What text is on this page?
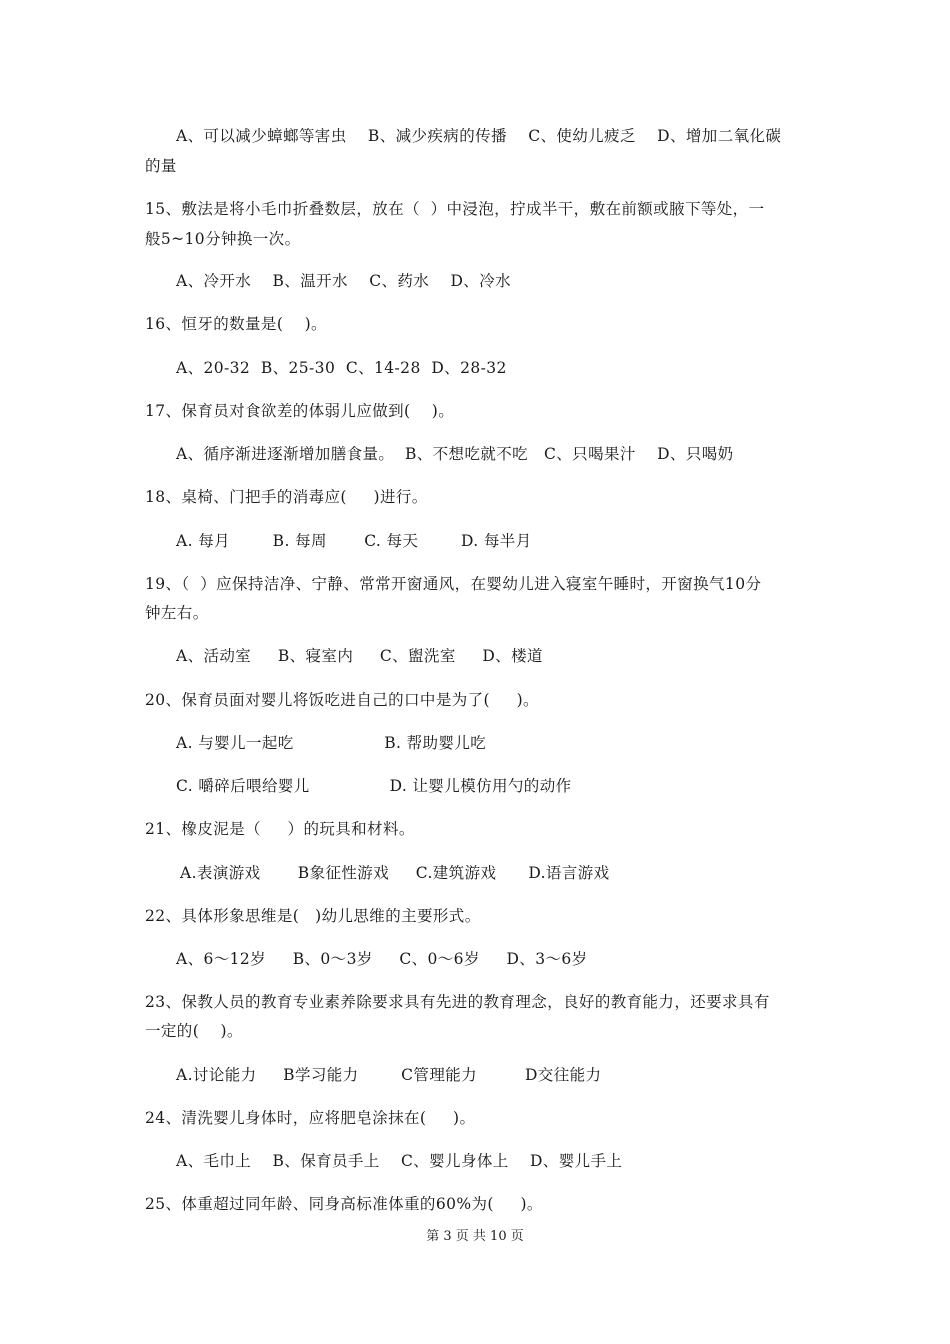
A、可以减少蟑螂等害虫    B、减少疾病的传播    C、使幼儿疲乏    D、增加二氧化碳
的量
15、敷法是将小毛巾折叠数层，放在（  ）中浸泡，拧成半干，敷在前额或腋下等处，一
般5~10分钟换一次。
A、冷开水    B、温开水    C、药水    D、冷水
16、恒牙的数量是(    )。
A、20-32  B、25-30  C、14-28  D、28-32
17、保育员对食欲差的体弱儿应做到(    )。
A、循序渐进逐渐增加膳食量。  B、不想吃就不吃   C、只喝果汁    D、只喝奶
18、桌椅、门把手的消毒应(     )进行。
A. 每月        B. 每周       C. 每天        D. 每半月
19、（  ）应保持洁净、宁静、常常开窗通风，在婴幼儿进入寝室午睡时，开窗换气10分
钟左右。
A、活动室     B、寝室内     C、盥洗室     D、楼道
20、保育员面对婴儿将饭吃进自己的口中是为了(     )。
A. 与婴儿一起吃                 B. 帮助婴儿吃
C. 嚼碎后喂给婴儿               D. 让婴儿模仿用勺的动作
21、橡皮泥是（     ）的玩具和材料。
A.表演游戏       B象征性游戏     C.建筑游戏      D.语言游戏
22、具体形象思维是(   )幼儿思维的主要形式。
A、6～12岁     B、0～3岁     C、0～6岁     D、3～6岁
23、保教人员的教育专业素养除要求具有先进的教育理念，良好的教育能力，还要求具有
一定的(    )。
A.讨论能力     B学习能力        C管理能力         D交往能力
24、清洗婴儿身体时，应将肥皂涂抹在(     )。
A、毛巾上    B、保育员手上    C、婴儿身体上    D、婴儿手上
25、体重超过同年龄、同身高标准体重的60%为(     )。
第 3 页 共 10 页
